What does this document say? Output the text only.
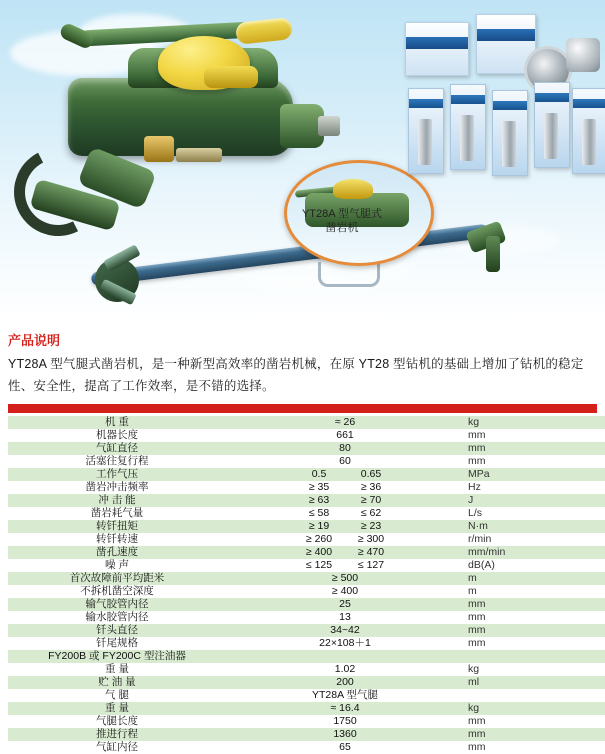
YT28A 型气腿式
凿岩机
产品说明
YT28A 型气腿式凿岩机，是一种新型高效率的凿岩机械，在原 YT28 型钻机的基础上增加了钻机的稳定性、安全性，提高了工作效率，是不错的选择。
机 重	≈ 26	kg
机器长度	661	mm
气缸直径	80	mm
活塞往复行程	60	mm
工作气压	0.5 0.65	MPa
凿岩冲击频率	≥ 35 ≥ 36	Hz
冲 击 能	≥ 63 ≥ 70	J
凿岩耗气量	≤ 58 ≤ 62	L/s
转钎扭矩	≥ 19 ≥ 23	N·m
转钎转速	≥ 260 ≥ 300	r/min
凿孔速度	≥ 400 ≥ 470	mm/min
噪 声	≤ 125 ≤ 127	dB(A)
首次故障前平均距米	≥ 500	m
不拆机凿空深度	≥ 400	m
输气胶管内径	25	mm
输水胶管内径	13	mm
钎头直径	34~42	mm
钎尾规格	22×108＋1	mm
FY200B 或 FY200C 型注油器		
重 量	1.02	kg
贮 油 量	200	ml
气 腿	YT28A 型气腿	
重 量	≈ 16.4	kg
气腿长度	1750	mm
推进行程	1360	mm
气缸内径	65	mm
